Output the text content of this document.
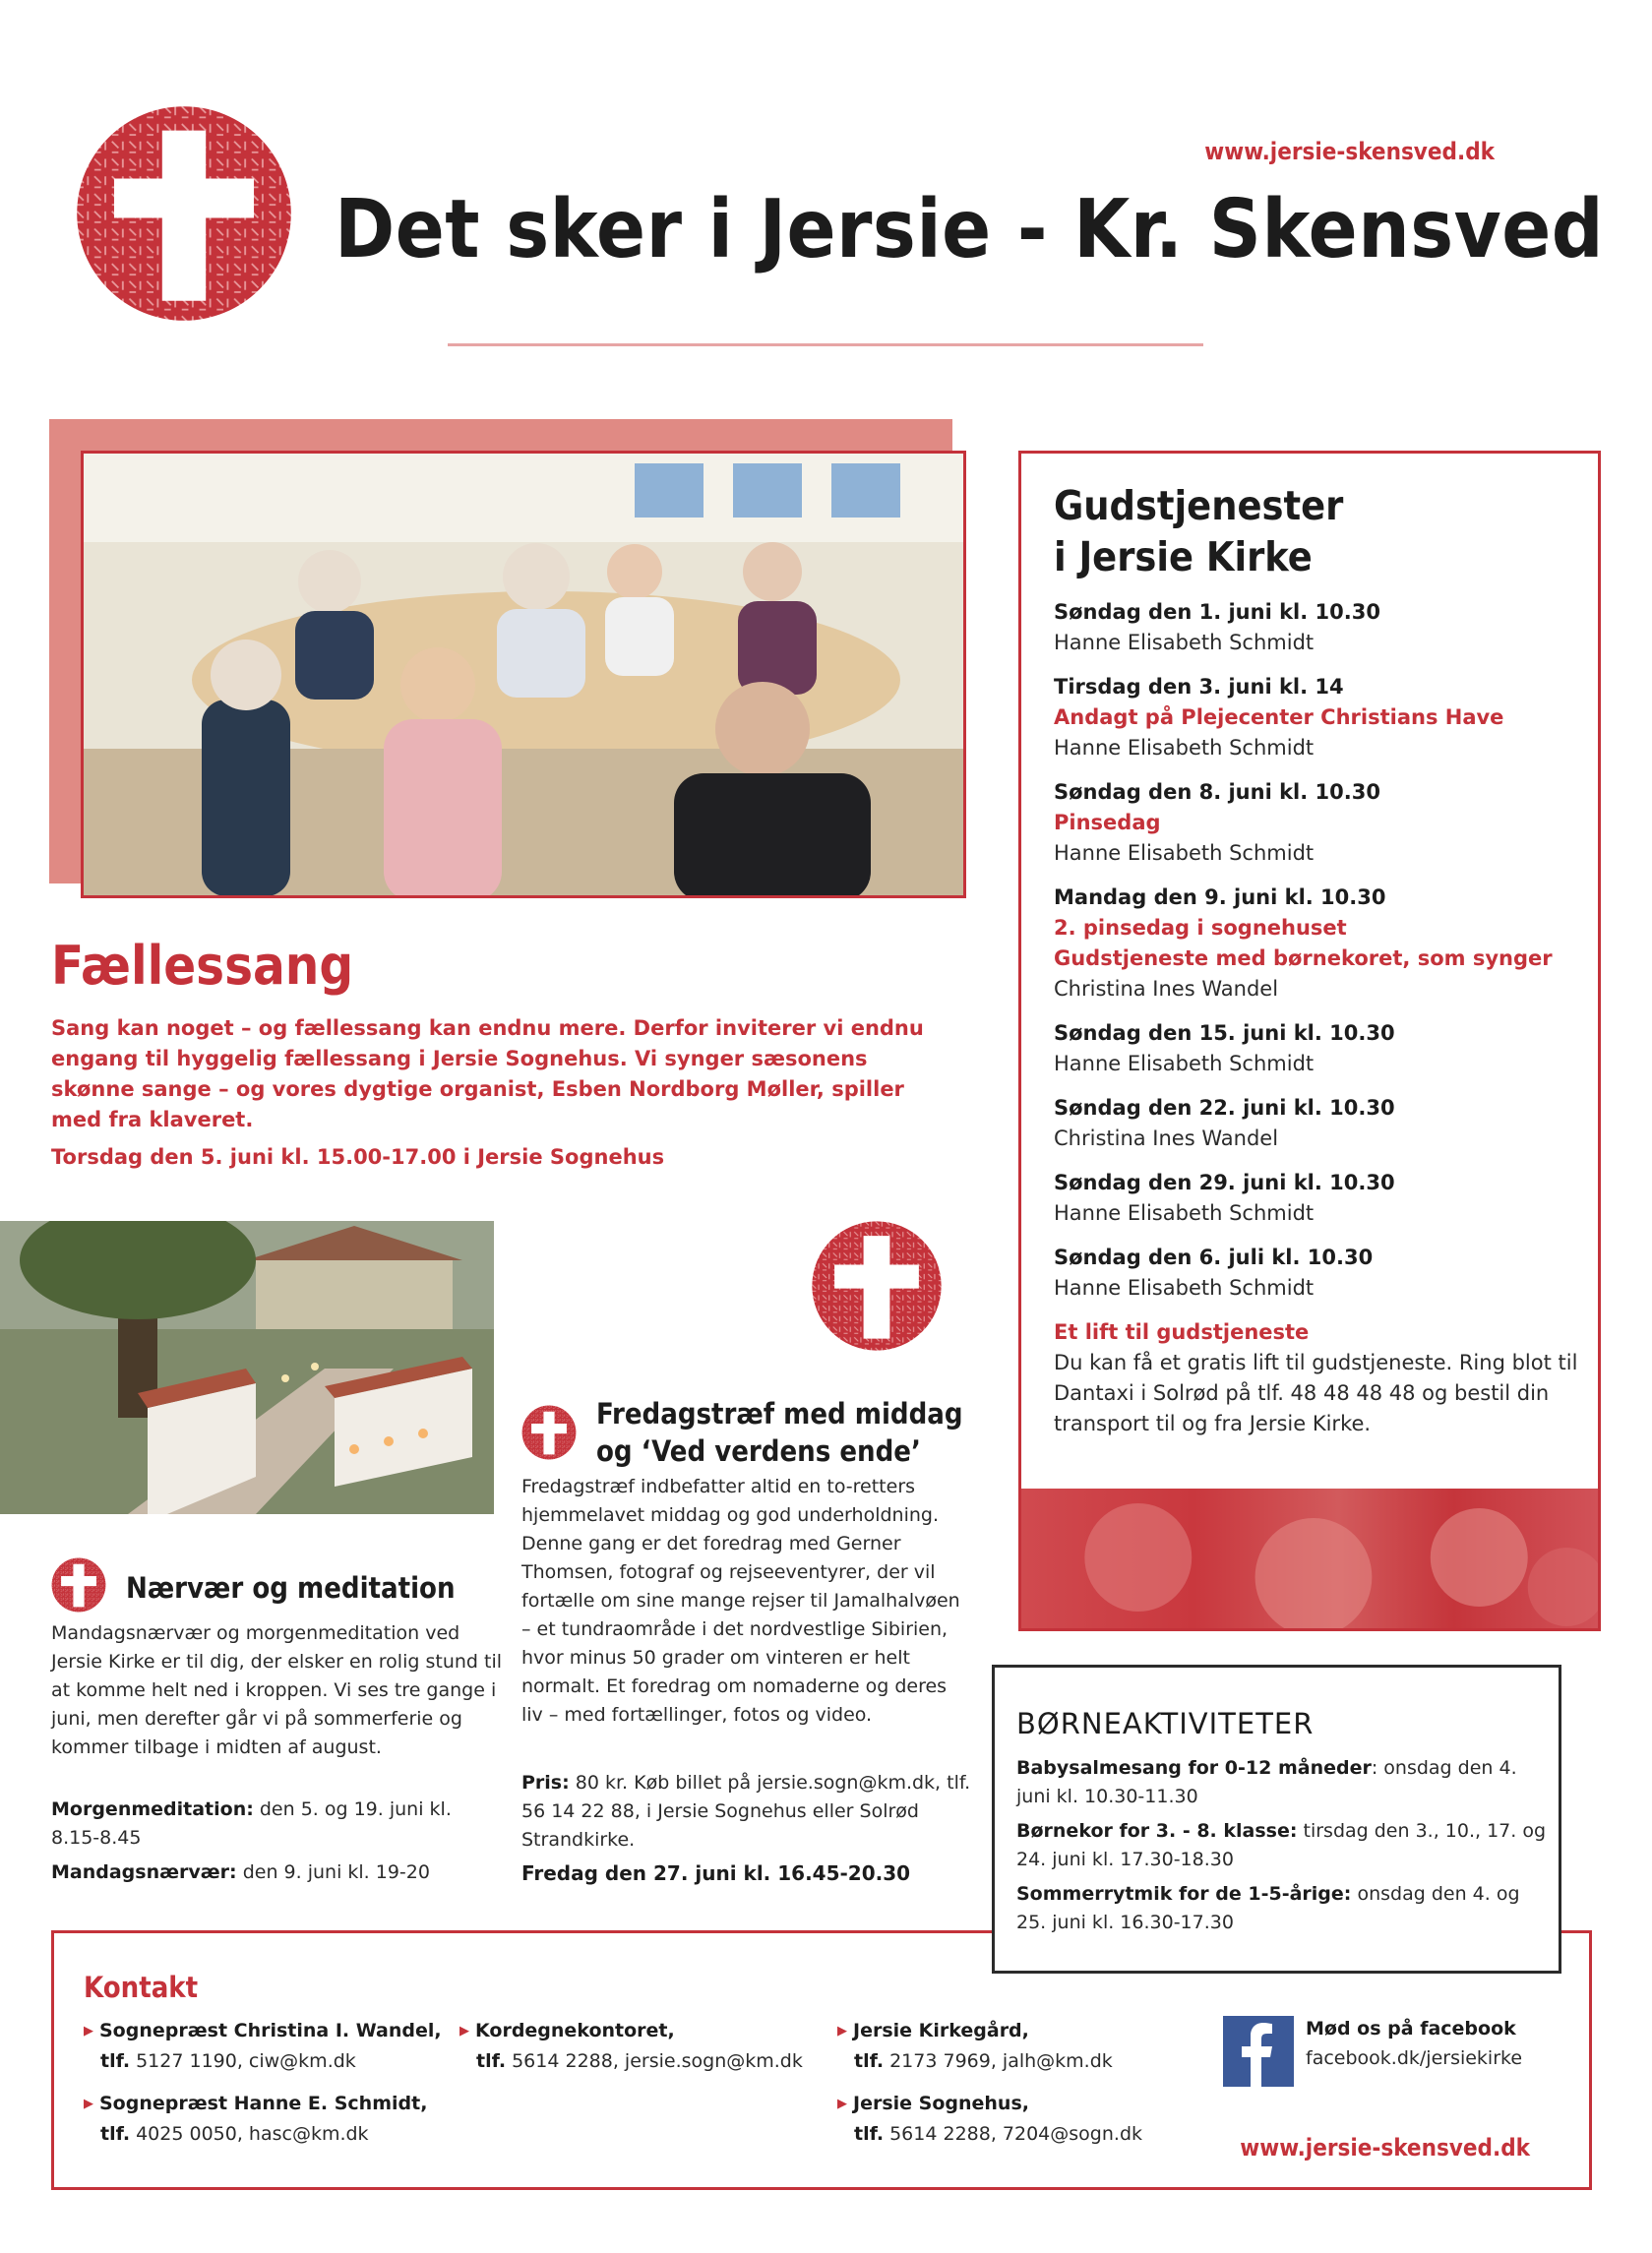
www.jersie-skensved.dk
Det sker i Jersie - Kr. Skensved
Fællessang
Sang kan noget – og fællessang kan endnu mere. Derfor inviterer vi endnu engang til hyggelig fællessang i Jersie Sognehus. Vi synger sæsonens skønne sange – og vores dygtige organist, Esben Nordborg Møller, spiller med fra klaveret.
Torsdag den 5. juni kl. 15.00-17.00 i Jersie Sognehus
Gudstjenester
i Jersie Kirke
Søndag den 1. juni kl. 10.30
Hanne Elisabeth Schmidt
Tirsdag den 3. juni kl. 14
Andagt på Plejecenter Christians Have
Hanne Elisabeth Schmidt
Søndag den 8. juni kl. 10.30
Pinsedag
Hanne Elisabeth Schmidt
Mandag den 9. juni kl. 10.30
2. pinsedag i sognehuset
Gudstjeneste med børnekoret, som synger
Christina Ines Wandel
Søndag den 15. juni kl. 10.30
Hanne Elisabeth Schmidt
Søndag den 22. juni kl. 10.30
Christina Ines Wandel
Søndag den 29. juni kl. 10.30
Hanne Elisabeth Schmidt
Søndag den 6. juli kl. 10.30
Hanne Elisabeth Schmidt
Et lift til gudstjeneste
Du kan få et gratis lift til gudstjeneste. Ring blot til Dantaxi i Solrød på tlf. 48 48 48 48 og bestil din transport til og fra Jersie Kirke.
Fredagstræf med middag
og ‘Ved verdens ende’
Fredagstræf indbefatter altid en to-retters hjemmelavet middag og god underholdning. Denne gang er det foredrag med Gerner Thomsen, fotograf og rejseeventyrer, der vil fortælle om sine mange rejser til Jamalhalvøen – et tundraområde i det nordvestlige Sibirien, hvor minus 50 grader om vinteren er helt normalt. Et foredrag om nomaderne og deres liv – med fortællinger, fotos og video.
Pris: 80 kr. Køb billet på jersie.sogn@km.dk, tlf. 56 14 22 88, i Jersie Sognehus eller Solrød Strandkirke.
Fredag den 27. juni kl. 16.45-20.30
Nærvær og meditation
Mandagsnærvær og morgenmeditation ved Jersie Kirke er til dig, der elsker en rolig stund til at komme helt ned i kroppen. Vi ses tre gange i juni, men derefter går vi på sommerferie og kommer tilbage i midten af august.
Morgenmeditation: den 5. og 19. juni kl. 8.15-8.45
Mandagsnærvær: den 9. juni kl. 19-20
Kontakt
▶ Sognepræst Christina I. Wandel,
tlf. 5127 1190, ciw@km.dk
▶ Sognepræst Hanne E. Schmidt,
tlf. 4025 0050, hasc@km.dk
▶ Kordegnekontoret,
tlf. 5614 2288, jersie.sogn@km.dk
▶ Jersie Kirkegård,
tlf. 2173 7969, jalh@km.dk
▶ Jersie Sognehus,
tlf. 5614 2288, 7204@sogn.dk
Mød os på facebook
facebook.dk/jersiekirke
www.jersie-skensved.dk
BØRNEAKTIVITETER
Babysalmesang for 0-12 måneder: onsdag den 4. juni kl. 10.30-11.30
Børnekor for 3. - 8. klasse: tirsdag den 3., 10., 17. og 24. juni kl. 17.30-18.30
Sommerrytmik for de 1-5-årige: onsdag den 4. og 25. juni kl. 16.30-17.30
